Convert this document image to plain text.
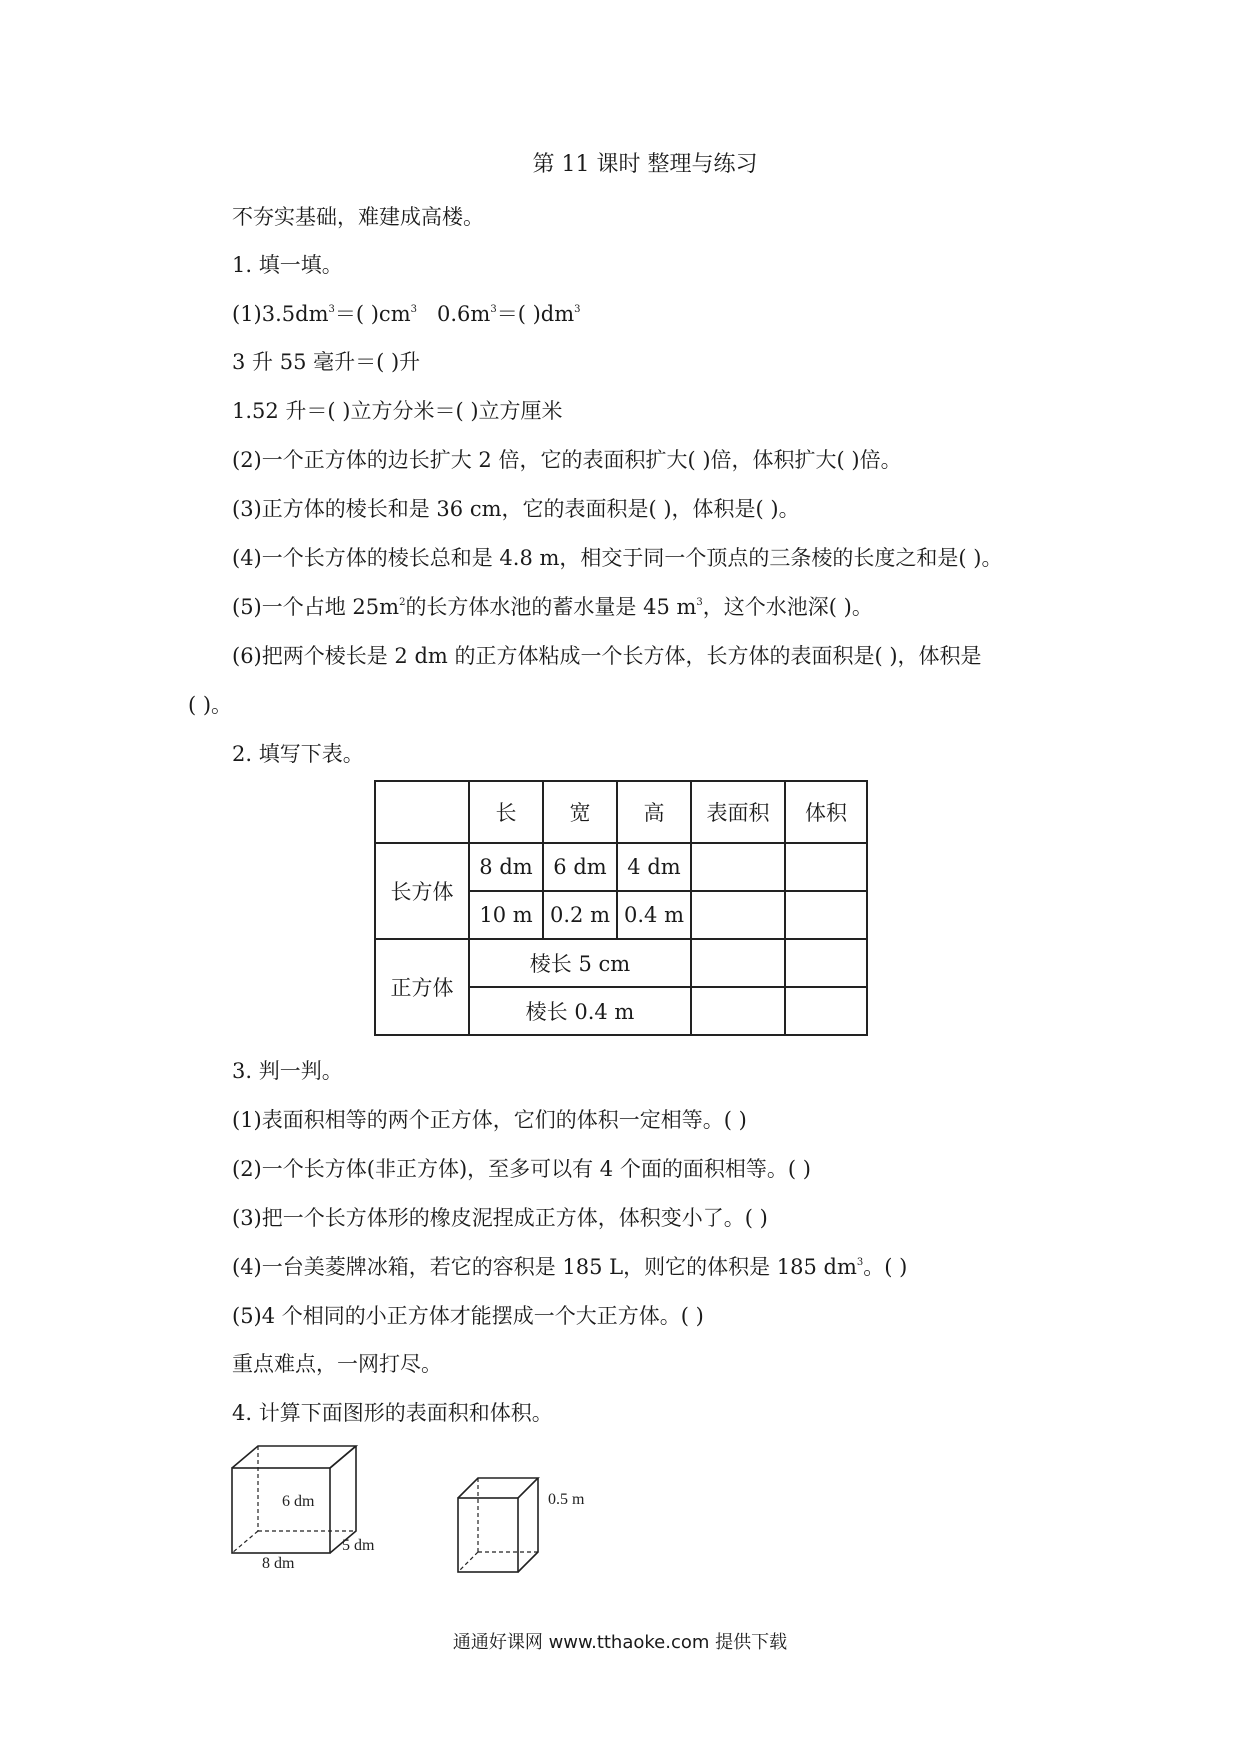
第 11 课时 整理与练习
不夯实基础，难建成高楼。
1. 填一填。
$(1)3.5dm^3=$( )$cm^3$   $0.6m^3=$( )$dm^3$
3 升 55 毫升＝( )升
1.52 升＝( )立方分米＝( )立方厘米
(2)一个正方体的边长扩大 2 倍，它的表面积扩大( )倍，体积扩大( )倍。
(3)正方体的棱长和是 36 cm，它的表面积是( )，体积是( )。
(4)一个长方体的棱长总和是 4.8 m，相交于同一个顶点的三条棱的长度之和是( )。
(5)一个占地 $25m^2$的长方体水池的蓄水量是 45 $m^3$，这个水池深( )。
(6)把两个棱长是 2 dm 的正方体粘成一个长方体，长方体的表面积是( )，体积是
( )。
2. 填写下表。
	长	宽	高	表面积	体积
长方体	8 dm	6 dm	4 dm		
	10 m	0.2 m	0.4 m		
正方体	棱长 5 cm				
	棱长 0.4 m				
3. 判一判。
(1)表面积相等的两个正方体，它们的体积一定相等。( )
(2)一个长方体(非正方体)，至多可以有 4 个面的面积相等。( )
(3)把一个长方体形的橡皮泥捏成正方体，体积变小了。( )
(4)一台美菱牌冰箱，若它的容积是 185 L，则它的体积是 185 $dm^3$。( )
(5)4 个相同的小正方体才能摆成一个大正方体。( )
重点难点，一网打尽。
4. 计算下面图形的表面积和体积。
6 dm
5 dm
8 dm
0.5 m
通通好课网 www.tthaoke.com 提供下载
